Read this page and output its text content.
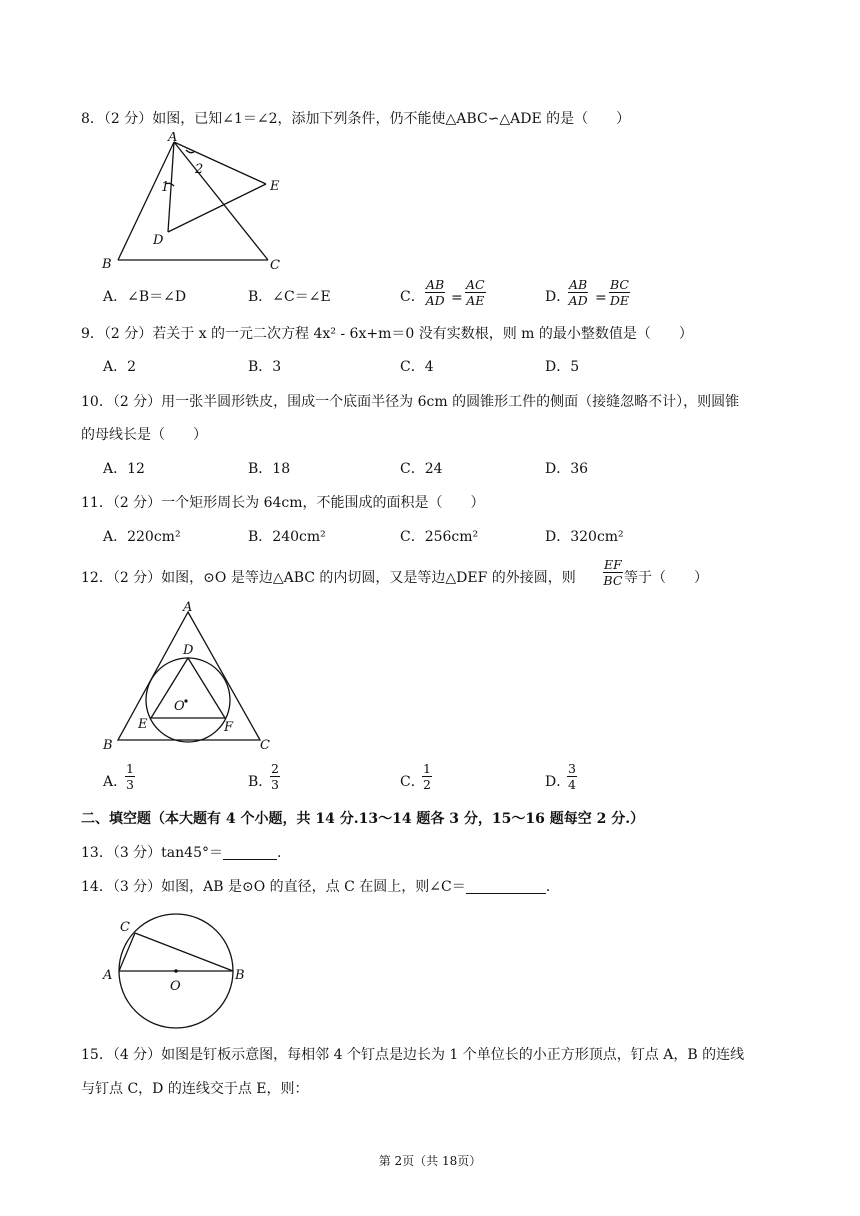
8．（2 分）如图，已知∠1＝∠2，添加下列条件，仍不能使△ABC∽△ADE 的是（　　）
A
B	C
D
E
1
2
A．∠B＝∠D	B．∠C＝∠E	C． $\frac{AB}{AD} = \frac{AC}{AE}$	D．
$\frac{AB}{AD} = \frac{BC}{DE}$
9．（2 分）若关于 x 的一元二次方程 4x² - 6x+m＝0 没有实数根，则 m 的最小整数值是（　　）
A．2	B．3	C．4	D．5
10．（2 分）用一张半圆形铁皮，围成一个底面半径为 6cm 的圆锥形工件的侧面（接缝忽略不计），则圆锥
的母线长是（　　）
A．12	B．18	C．24	D．36
11．（2 分）一个矩形周长为 64cm，不能围成的面积是（　　）
A．220cm²	B．240cm²	C．256cm²	D．320cm²
12．（2 分）如图，⊙O 是等边△ABC 的内切圆，又是等边△DEF 的外接圆，则 $\frac{EF}{BC}$ 等于（　　）
A
B	C
D
E	F
O
A．
$\frac{1}{3}$	B．
$\frac{2}{3}$	C．
$\frac{1}{2}$	D．
$\frac{3}{4}$
二、填空题（本大题有 4 个小题，共 14 分.13～14 题各 3 分，15～16 题每空 2 分.）
13．（3 分）tan45°＝	.
14．（3 分）如图，AB 是⊙O 的直径，点 C 在圆上，则∠C＝	.
A	B
C
O
15．（4 分）如图是钉板示意图，每相邻 4 个钉点是边长为 1 个单位长的小正方形顶点，钉点 A，B 的连线
与钉点 C，D 的连线交于点 E，则：
第 2页（共 18页）
